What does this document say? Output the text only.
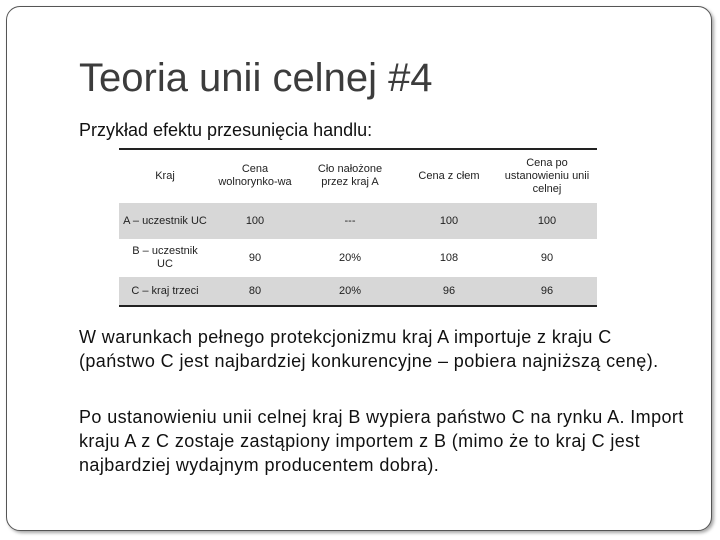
Teoria unii celnej #4
Przykład efektu przesunięcia handlu:
Kraj	Cena wolnorynko-wa	Cło nałożone przez kraj A	Cena z cłem	Cena po ustanowieniu unii celnej
A – uczestnik UC	100	---	100	100
B – uczestnik UC	90	20%	108	90
C – kraj trzeci	80	20%	96	96
W warunkach pełnego protekcjonizmu kraj A importuje z kraju C (państwo C jest najbardziej konkurencyjne – pobiera najniższą cenę).
Po ustanowieniu unii celnej kraj B wypiera państwo C na rynku A. Import kraju A z C zostaje zastąpiony importem z B (mimo że to kraj C jest najbardziej wydajnym producentem dobra).
